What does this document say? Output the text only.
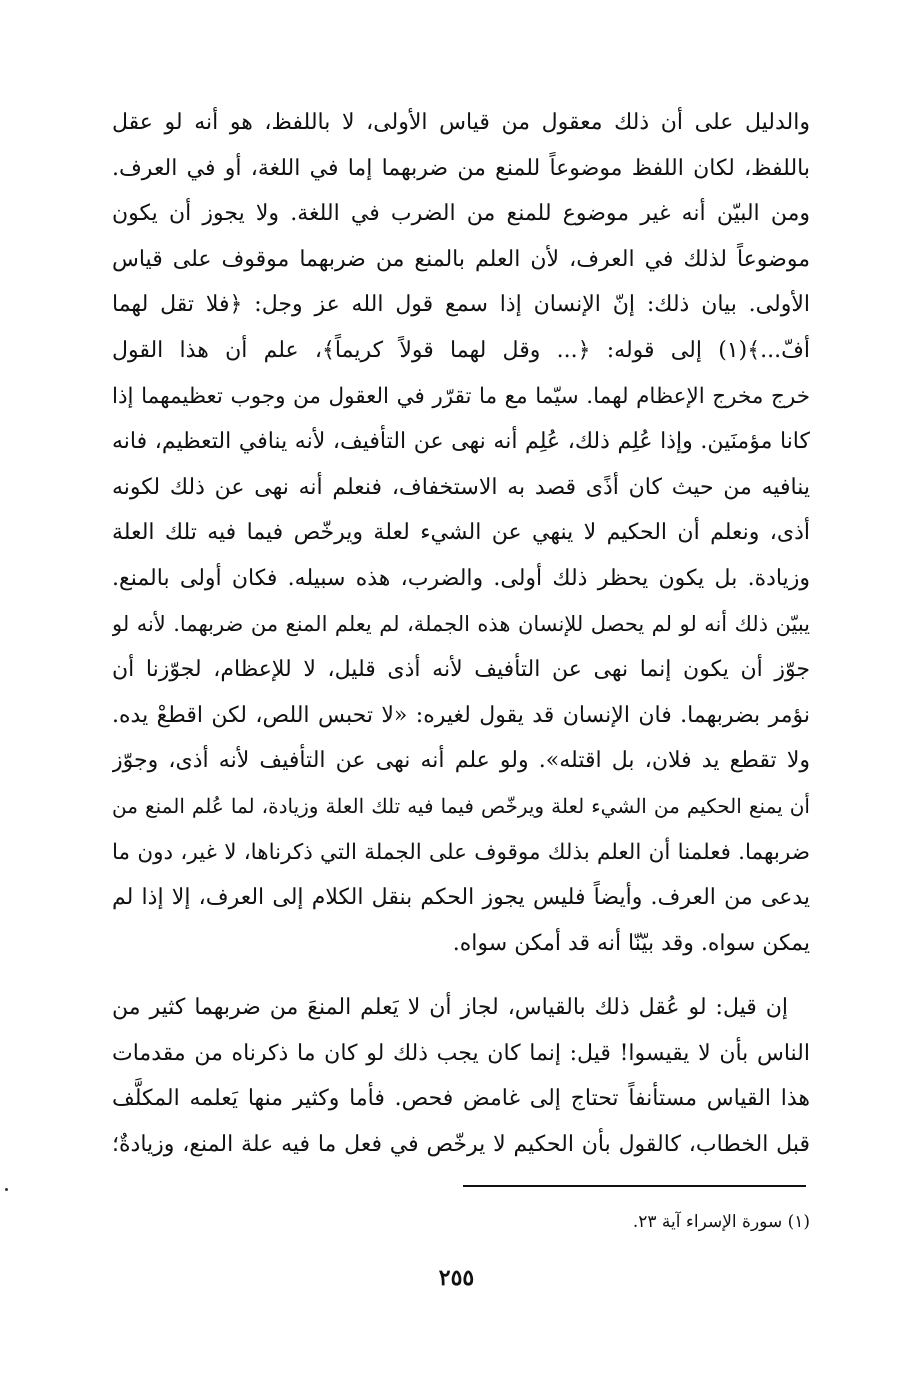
والدليل على أن ذلك معقول من قياس الأولى، لا باللفظ، هو أنه لو عقل
باللفظ، لكان اللفظ موضوعاً للمنع من ضربهما إما في اللغة، أو في العرف.
ومن البيّن أنه غير موضوع للمنع من الضرب في اللغة. ولا يجوز أن يكون
موضوعاً لذلك في العرف، لأن العلم بالمنع من ضربهما موقوف على قياس
الأولى. بيان ذلك: إنّ الإنسان إذا سمع قول الله عز وجل: ﴿فلا تقل لهما
أفّ...﴾(١) إلى قوله: ﴿... وقل لهما قولاً كريماً﴾، علم أن هذا القول
خرج مخرج الإعظام لهما. سيّما مع ما تقرّر في العقول من وجوب تعظيمهما إذا
كانا مؤمنَين. وإذا عُلِم ذلك، عُلِم أنه نهى عن التأفيف، لأنه ينافي التعظيم، فانه
ينافيه من حيث كان أذًى قصد به الاستخفاف، فنعلم أنه نهى عن ذلك لكونه
أذى، ونعلم أن الحكيم لا ينهي عن الشيء لعلة ويرخّص فيما فيه تلك العلة
وزيادة. بل يكون يحظر ذلك أولى. والضرب، هذه سبيله. فكان أولى بالمنع.
يبيّن ذلك أنه لو لم يحصل للإنسان هذه الجملة، لم يعلم المنع من ضربهما. لأنه لو
جوّز أن يكون إنما نهى عن التأفيف لأنه أذى قليل، لا للإعظام، لجوّزنا أن
نؤمر بضربهما. فان الإنسان قد يقول لغيره: «لا تحبس اللص، لكن اقطعْ يده.
ولا تقطع يد فلان، بل اقتله». ولو علم أنه نهى عن التأفيف لأنه أذى، وجوّز
أن يمنع الحكيم من الشيء لعلة ويرخّص فيما فيه تلك العلة وزيادة، لما عُلم المنع من
ضربهما. فعلمنا أن العلم بذلك موقوف على الجملة التي ذكرناها، لا غير، دون ما
يدعى من العرف. وأيضاً فليس يجوز الحكم بنقل الكلام إلى العرف، إلا إذا لم
يمكن سواه. وقد بيّنّا أنه قد أمكن سواه.
إن قيل: لو عُقل ذلك بالقياس، لجاز أن لا يَعلم المنعَ من ضربهما كثير من
الناس بأن لا يقيسوا! قيل: إنما كان يجب ذلك لو كان ما ذكرناه من مقدمات
هذا القياس مستأنفاً تحتاج إلى غامض فحص. فأما وكثير منها يَعلمه المكلَّف
قبل الخطاب، كالقول بأن الحكيم لا يرخّص في فعل ما فيه علة المنع، وزيادةٌ؛
(١) سورة الإسراء آية ٢٣.
٢٥٥
